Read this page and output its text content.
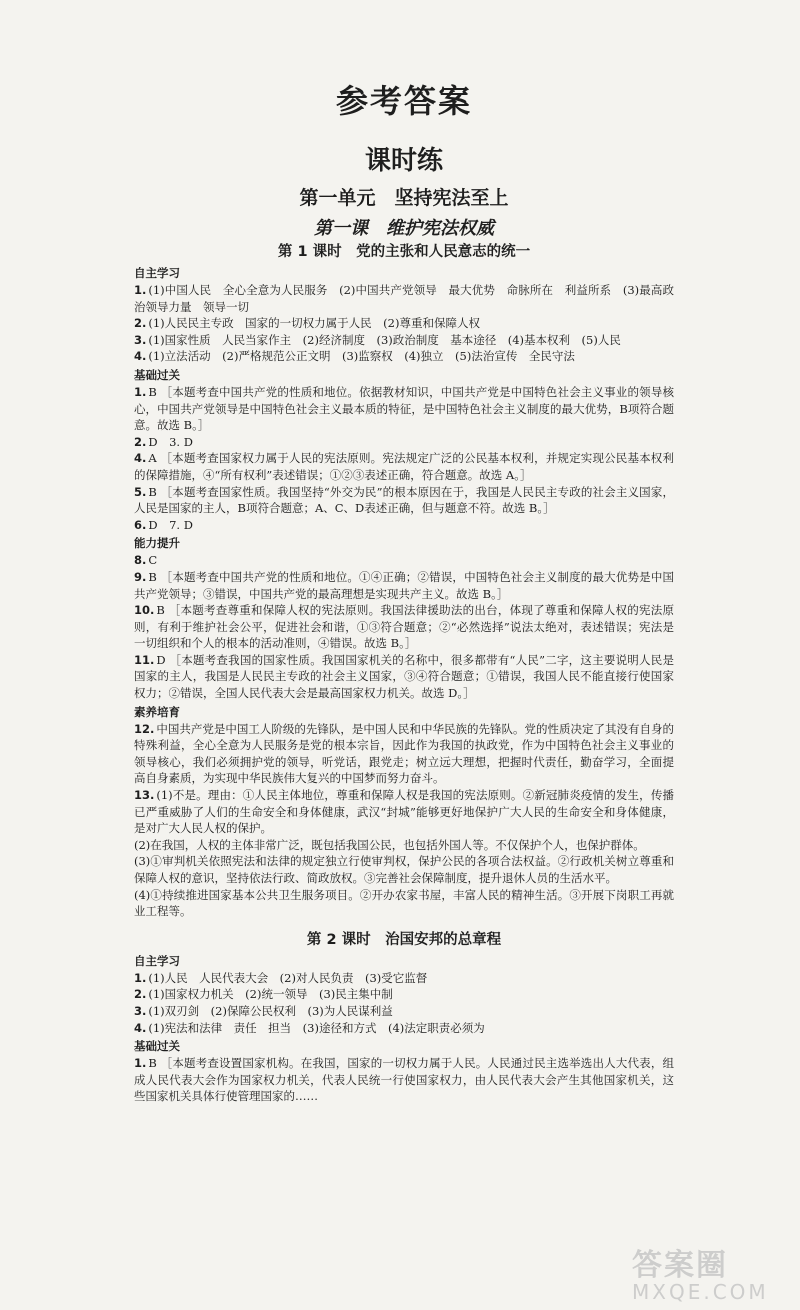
参考答案
课时练
第一单元　坚持宪法至上
第一课　维护宪法权威
第 1 课时　党的主张和人民意志的统一
自主学习

1. (1)中国人民　全心全意为人民服务　(2)中国共产党领导　最大优势　命脉所在　利益所系　(3)最高政治领导力量　领导一切

2. (1)人民民主专政　国家的一切权力属于人民　(2)尊重和保障人权

3. (1)国家性质　人民当家作主　(2)经济制度　(3)政治制度　基本途径　(4)基本权利　(5)人民

4. (1)立法活动　(2)严格规范公正文明　(3)监察权　(4)独立　(5)法治宣传　全民守法

基础过关

1. B ［本题考查中国共产党的性质和地位。依据教材知识，中国共产党是中国特色社会主义事业的领导核心，中国共产党领导是中国特色社会主义最本质的特征，是中国特色社会主义制度的最大优势，B项符合题意。故选 B。］

2. D　3. D

4. A ［本题考查国家权力属于人民的宪法原则。宪法规定广泛的公民基本权利，并规定实现公民基本权利的保障措施，④“所有权利”表述错误；①②③表述正确，符合题意。故选 A。］

5. B ［本题考查国家性质。我国坚持“外交为民”的根本原因在于，我国是人民民主专政的社会主义国家，人民是国家的主人，B项符合题意；A、C、D表述正确，但与题意不符。故选 B。］

6. D　7. D

能力提升

8. C

9. B ［本题考查中国共产党的性质和地位。①④正确；②错误，中国特色社会主义制度的最大优势是中国共产党领导；③错误，中国共产党的最高理想是实现共产主义。故选 B。］

10. B ［本题考查尊重和保障人权的宪法原则。我国法律援助法的出台，体现了尊重和保障人权的宪法原则，有利于维护社会公平，促进社会和谐，①③符合题意；②“必然选择”说法太绝对，表述错误；宪法是一切组织和个人的根本的活动准则，④错误。故选 B。］

11. D ［本题考查我国的国家性质。我国国家机关的名称中，很多都带有“人民”二字，这主要说明人民是国家的主人，我国是人民民主专政的社会主义国家，③④符合题意；①错误，我国人民不能直接行使国家权力；②错误，全国人民代表大会是最高国家权力机关。故选 D。］

素养培育

12. 中国共产党是中国工人阶级的先锋队，是中国人民和中华民族的先锋队。党的性质决定了其没有自身的特殊利益，全心全意为人民服务是党的根本宗旨，因此作为我国的执政党，作为中国特色社会主义事业的领导核心，我们必须拥护党的领导，听党话，跟党走；树立远大理想，把握时代责任，勤奋学习，全面提高自身素质，为实现中华民族伟大复兴的中国梦而努力奋斗。

13. (1)不是。理由：①人民主体地位，尊重和保障人权是我国的宪法原则。②新冠肺炎疫情的发生，传播已严重威胁了人们的生命安全和身体健康，武汉“封城”能够更好地保护广大人民的生命安全和身体健康，是对广大人民人权的保护。

(2)在我国，人权的主体非常广泛，既包括我国公民，也包括外国人等。不仅保护个人，也保护群体。

(3)①审判机关依照宪法和法律的规定独立行使审判权，保护公民的各项合法权益。②行政机关树立尊重和保障人权的意识，坚持依法行政、简政放权。③完善社会保障制度，提升退休人员的生活水平。

(4)①持续推进国家基本公共卫生服务项目。②开办农家书屋，丰富人民的精神生活。③开展下岗职工再就业工程等。

第 2 课时　治国安邦的总章程
自主学习

1. (1)人民　人民代表大会　(2)对人民负责　(3)受它监督

2. (1)国家权力机关　(2)统一领导　(3)民主集中制

3. (1)双刃剑　(2)保障公民权利　(3)为人民谋利益

4. (1)宪法和法律　责任　担当　(3)途径和方式　(4)法定职责必须为

基础过关

1. B ［本题考查设置国家机构。在我国，国家的一切权力属于人民。人民通过民主选举选出人大代表，组成人民代表大会作为国家权力机关，代表人民统一行使国家权力，由人民代表大会产生其他国家机关，这些国家机关具体行使管理国家的……

答案圈
MXQE.COM
